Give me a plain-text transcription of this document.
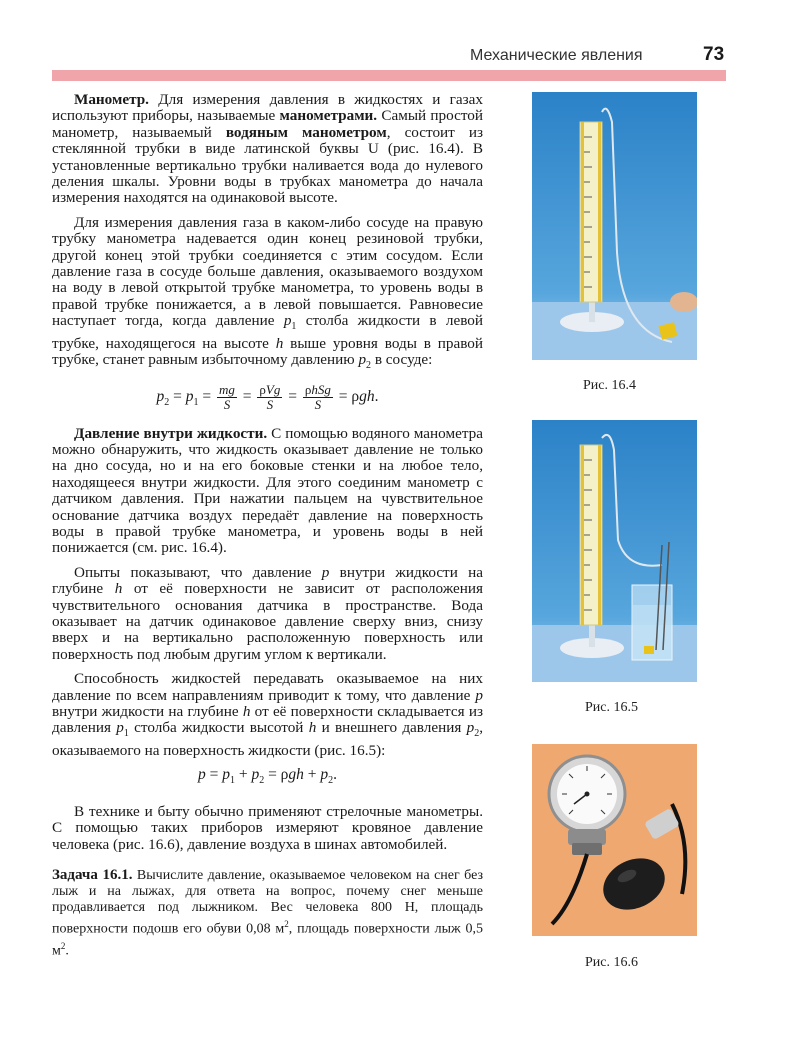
Механические явления	73

Манометр. Для измерения давления в жидкостях и газах используют приборы, называемые манометрами. Самый простой манометр, называемый водяным манометром, состоит из стеклянной трубки в виде латинской буквы U (рис. 16.4). В установленные вертикально трубки наливается вода до нулевого деления шкалы. Уровни воды в трубках манометра до начала измерения находятся на одинаковой высоте.

Для измерения давления газа в каком-либо сосуде на правую трубку манометра надевается один конец резиновой трубки, другой конец этой трубки соединяется с этим сосудом. Если давление газа в сосуде больше давления, оказываемого воздухом на воду в левой открытой трубке манометра, то уровень воды в правой трубке понижается, а в левой повышается. Равновесие наступает тогда, когда давление $p_1$ столба жидкости в левой трубке, находящегося на высоте h выше уровня воды в правой трубке, станет равным избыточному давлению $p_2$ в сосуде:

$p_2 = p_1 = \frac{mg}{S} = \frac{\text{ρVg}}{S} = \frac{\text{ρhSg}}{S} = \rho gh$.

Давление внутри жидкости. С помощью водяного манометра можно обнаружить, что жидкость оказывает давление не только на дно сосуда, но и на его боковые стенки и на любое тело, находящееся внутри жидкости. Для этого соединим манометр с датчиком давления. При нажатии пальцем на чувствительное основание датчика воздух передаёт давление на поверхность воды в правой трубке манометра, и уровень воды в ней понижается (см. рис. 16.4).

Опыты показывают, что давление p внутри жидкости на глубине h от её поверхности не зависит от расположения чувствительного основания датчика в пространстве. Вода оказывает на датчик одинаковое давление сверху вниз, снизу вверх и на вертикально расположенную поверхность или поверхность под любым другим углом к вертикали.

Способность жидкостей передавать оказываемое на них давление по всем направлениям приводит к тому, что давление p внутри жидкости на глубине h от её поверхности складывается из давления $p_1$ столба жидкости высотой h и внешнего давления $p_2$, оказываемого на поверхность жидкости (рис. 16.5):

$p = p_1 + p_2 = \rho gh + p_2$.

В технике и быту обычно применяют стрелочные манометры. С помощью таких приборов измеряют кровяное давление человека (рис. 16.6), давление воздуха в шинах автомобилей.

Задача 16.1. Вычислите давление, оказываемое человеком на снег без лыж и на лыжах, для ответа на вопрос, почему снег меньше продавливается под лыжником. Вес человека 800 Н, площадь поверхности подошв его обуви 0,08 $м^2$, площадь поверхности лыж 0,5 $м^2$.
Рис. 16.4
Рис. 16.5
Рис. 16.6
